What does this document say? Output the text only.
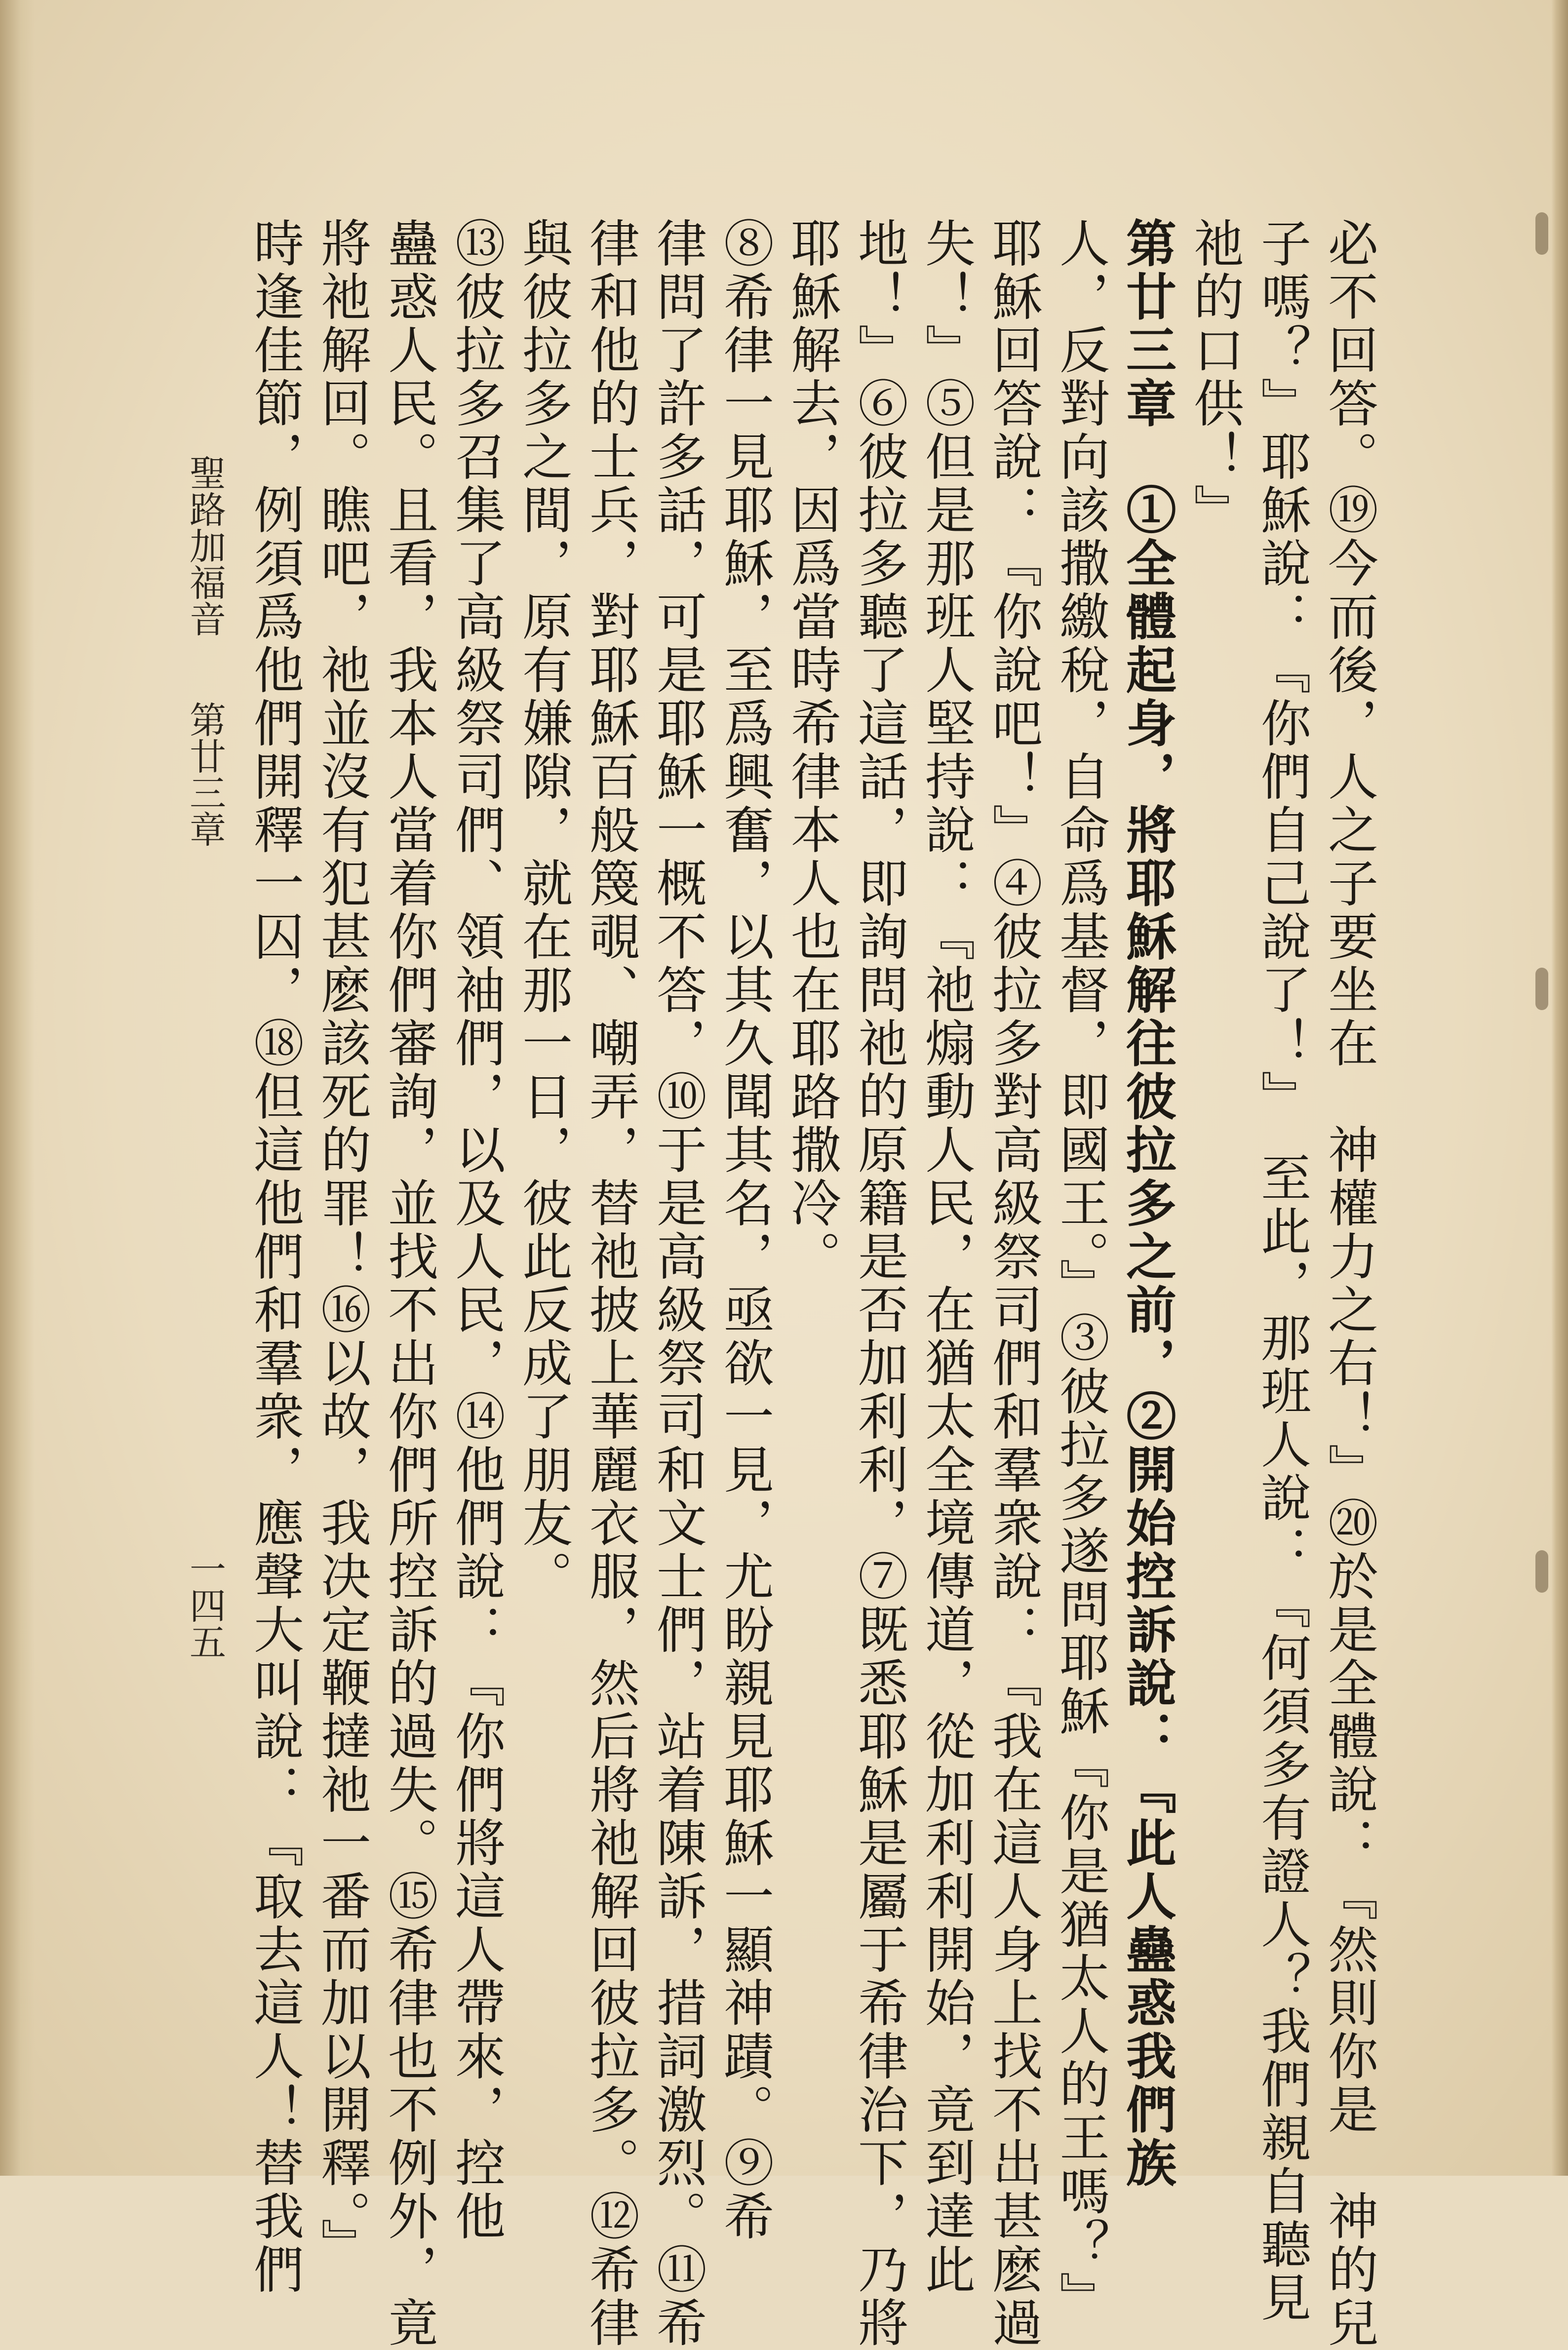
必不回答。⑲今而後，人之子要坐在　神權力之右！』⑳於是全體說：『然則你是　神的兒
子嗎？』耶穌說：『你們自己說了！』　至此，那班人說：『何須多有證人？我們親自聽見
祂的口供！』
第廿三章　①全體起身，將耶穌解往彼拉多之前，②開始控訴說：『此人蠱惑我們族
人，反對向該撒繳稅，自命爲基督，即國王。』③彼拉多遂問耶穌『你是猶太人的王嗎？』
耶穌回答說：『你說吧！』④彼拉多對高級祭司們和羣衆說：『我在這人身上找不出甚麽過
失！』⑤但是那班人堅持說：『祂煽動人民，在猶太全境傳道，從加利利開始，竟到達此
地！』⑥彼拉多聽了這話，即詢問祂的原籍是否加利利，⑦既悉耶穌是屬于希律治下，乃將
耶穌解去，因爲當時希律本人也在耶路撒冷。
⑧希律一見耶穌，至爲興奮，以其久聞其名，亟欲一見，尤盼親見耶穌一顯神蹟。⑨希
律問了許多話，可是耶穌一概不答，⑩于是高級祭司和文士們，站着陳訴，措詞激烈。⑪希
律和他的士兵，對耶穌百般篾覗、嘲弄，替祂披上華麗衣服，然后將祂解回彼拉多。⑫希律
與彼拉多之間，原有嫌隙，就在那一日，彼此反成了朋友。
⑬彼拉多召集了高級祭司們、領袖們，以及人民，⑭他們說：『你們將這人帶來，控他
蠱惑人民。且看，我本人當着你們審詢，並找不出你們所控訴的過失。⑮希律也不例外，竟
將祂解回。瞧吧，祂並沒有犯甚麽該死的罪！⑯以故，我决定鞭撻祂一番而加以開釋。』
時逢佳節，例須爲他們開釋一囚，⑱但這他們和羣衆，應聲大叫說：『取去這人！替我們
聖路加福音
第廿三章
一四五
